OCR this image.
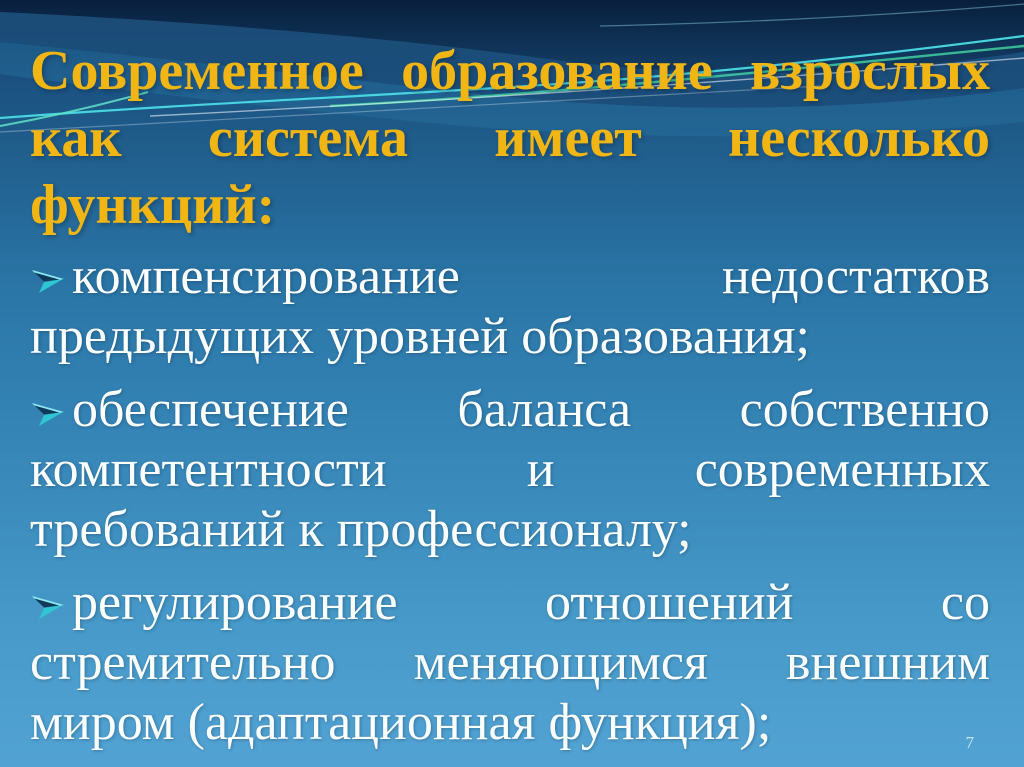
Современное образование взрослых
как система имеет несколько
функций:
компенсирование недостатков
предыдущих уровней образования;
обеспечение баланса собственно
компетентности и современных
требований к профессионалу;
регулирование отношений со
стремительно меняющимся внешним
миром (адаптационная функция);	7
